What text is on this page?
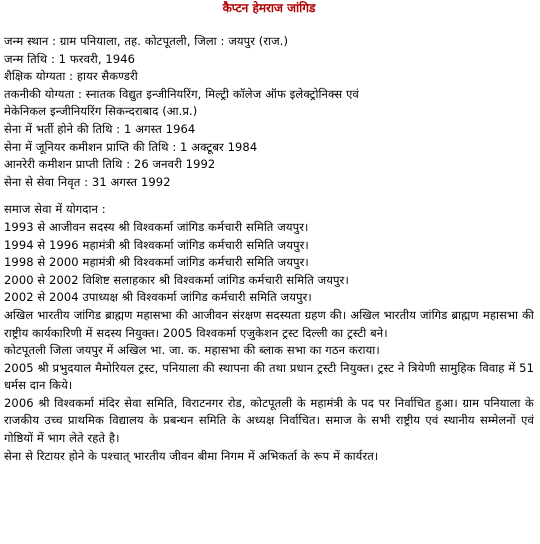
कैप्टन हेमराज जांगिड
जन्म स्थान : ग्राम पनियाला, तह. कोटपूतली, जिला : जयपुर (राज.)
जन्म तिथि : 1 फरवरी, 1946
शैक्षिक योग्यता : हायर सैकण्डरी
तकनीकी योग्यता : स्नातक विद्युत इन्जीनियरिंग, मिल्ट्री कॉलेज ऑफ इलेक्ट्रोनिक्स एवं
मेकेनिकल इन्जीनियरिंग सिकन्दराबाद (आ.प्र.)
सेना में भर्ती होने की तिथि : 1 अगस्त 1964
सेना में जूनियर कमीशन प्राप्ति की तिथि : 1 अक्टूबर 1984
आनरेरी कमीशन प्राप्ती तिथि : 26 जनवरी 1992
सेना से सेवा निवृत : 31 अगस्त 1992
समाज सेवा में योगदान :
1993 से आजीवन सदस्य श्री विश्वकर्मा जांगिड कर्मचारी समिति जयपुर।
1994 से 1996 महामंत्री श्री विश्वकर्मा जांगिड कर्मचारी समिति जयपुर।
1998 से 2000 महामंत्री श्री विश्वकर्मा जांगिड कर्मचारी समिति जयपुर।
2000 से 2002 विशिष्ट सलाहकार श्री विश्वकर्मा जांगिड कर्मचारी समिति जयपुर।
2002 से 2004 उपाध्यक्ष श्री विश्वकर्मा जांगिड कर्मचारी समिति जयपुर।
अखिल भारतीय जांगिड ब्राह्मण महासभा की आजीवन संरक्षण सदस्यता ग्रहण की। अखिल भारतीय जांगिड ब्राह्मण महासभा की राष्ट्रीय कार्यकारिणी में सदस्य नियुक्त। 2005 विश्वकर्मा एजुकेशन ट्रस्ट दिल्ली का ट्रस्टी बने।
कोटपूतली जिला जयपुर में अखिल भा. जा. क. महासभा की ब्लाक सभा का गठन कराया।
2005 श्री प्रभुदयाल मैमोरियल ट्रस्ट, पनियाला की स्थापना की तथा प्रधान ट्रस्टी नियुक्त। ट्रस्ट ने त्रियेणी सामुहिक विवाह में 51 धर्मस दान किये।
2006 श्री विश्वकर्मा मंदिर सेवा समिति, विराटनगर रोड, कोटपूतली के महामंत्री के पद पर निर्वाचित हुआ। ग्राम पनियाला के राजकीय उच्च प्राथमिक विद्यालय के प्रबन्धन समिति के अध्यक्ष निर्वाचित। समाज के सभी राष्ट्रीय एवं स्थानीय सम्मेलनों एवं गोष्ठियों में भाग लेते रहते है।
सेना से रिटायर होने के पश्चात् भारतीय जीवन बीमा निगम में अभिकर्ता के रूप में कार्यरत।
